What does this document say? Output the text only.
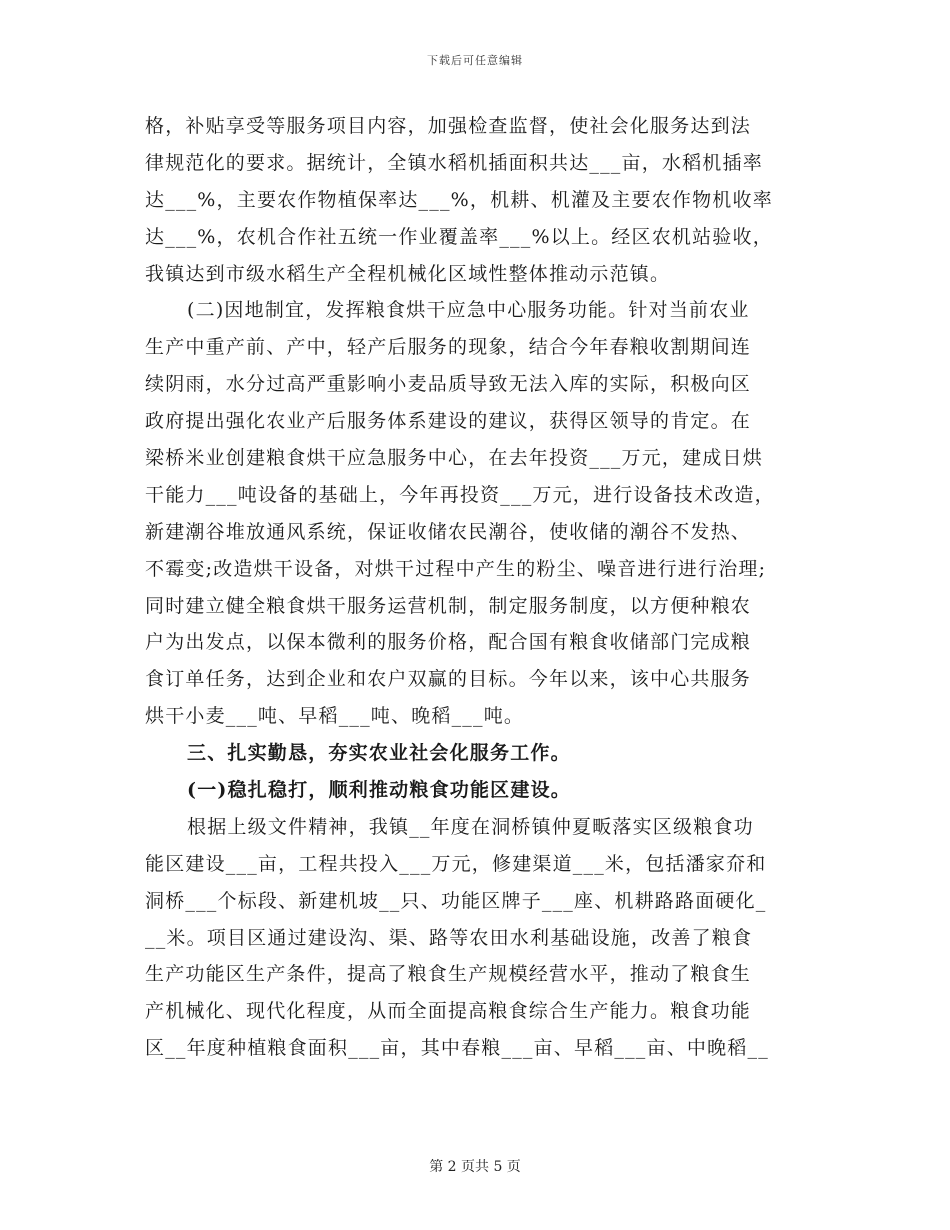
下载后可任意编辑
格，补贴享受等服务项目内容，加强检查监督，使社会化服务达到法
律规范化的要求。据统计，全镇水稻机插面积共达___亩，水稻机插率
达___%，主要农作物植保率达___%，机耕、机灌及主要农作物机收率
达___%，农机合作社五统一作业覆盖率___%以上。经区农机站验收，
我镇达到市级水稻生产全程机械化区域性整体推动示范镇。
(二)因地制宜，发挥粮食烘干应急中心服务功能。针对当前农业
生产中重产前、产中，轻产后服务的现象，结合今年春粮收割期间连
续阴雨，水分过高严重影响小麦品质导致无法入库的实际，积极向区
政府提出强化农业产后服务体系建设的建议，获得区领导的肯定。在
梁桥米业创建粮食烘干应急服务中心，在去年投资___万元，建成日烘
干能力___吨设备的基础上，今年再投资___万元，进行设备技术改造，
新建潮谷堆放通风系统，保证收储农民潮谷，使收储的潮谷不发热、
不霉变;改造烘干设备，对烘干过程中产生的粉尘、噪音进行进行治理;
同时建立健全粮食烘干服务运营机制，制定服务制度，以方便种粮农
户为出发点，以保本微利的服务价格，配合国有粮食收储部门完成粮
食订单任务，达到企业和农户双赢的目标。今年以来，该中心共服务
烘干小麦___吨、早稻___吨、晚稻___吨。
三、扎实勤恳，夯实农业社会化服务工作。
(一)稳扎稳打，顺利推动粮食功能区建设。
根据上级文件精神，我镇__年度在洞桥镇仲夏畈落实区级粮食功
能区建设___亩，工程共投入___万元，修建渠道___米，包括潘家夼和
洞桥___个标段、新建机坡__只、功能区牌子___座、机耕路路面硬化_
__米。项目区通过建设沟、渠、路等农田水利基础设施，改善了粮食
生产功能区生产条件，提高了粮食生产规模经营水平，推动了粮食生
产机械化、现代化程度，从而全面提高粮食综合生产能力。粮食功能
区__年度种植粮食面积___亩，其中春粮___亩、早稻___亩、中晚稻__
第 2 页共 5 页
